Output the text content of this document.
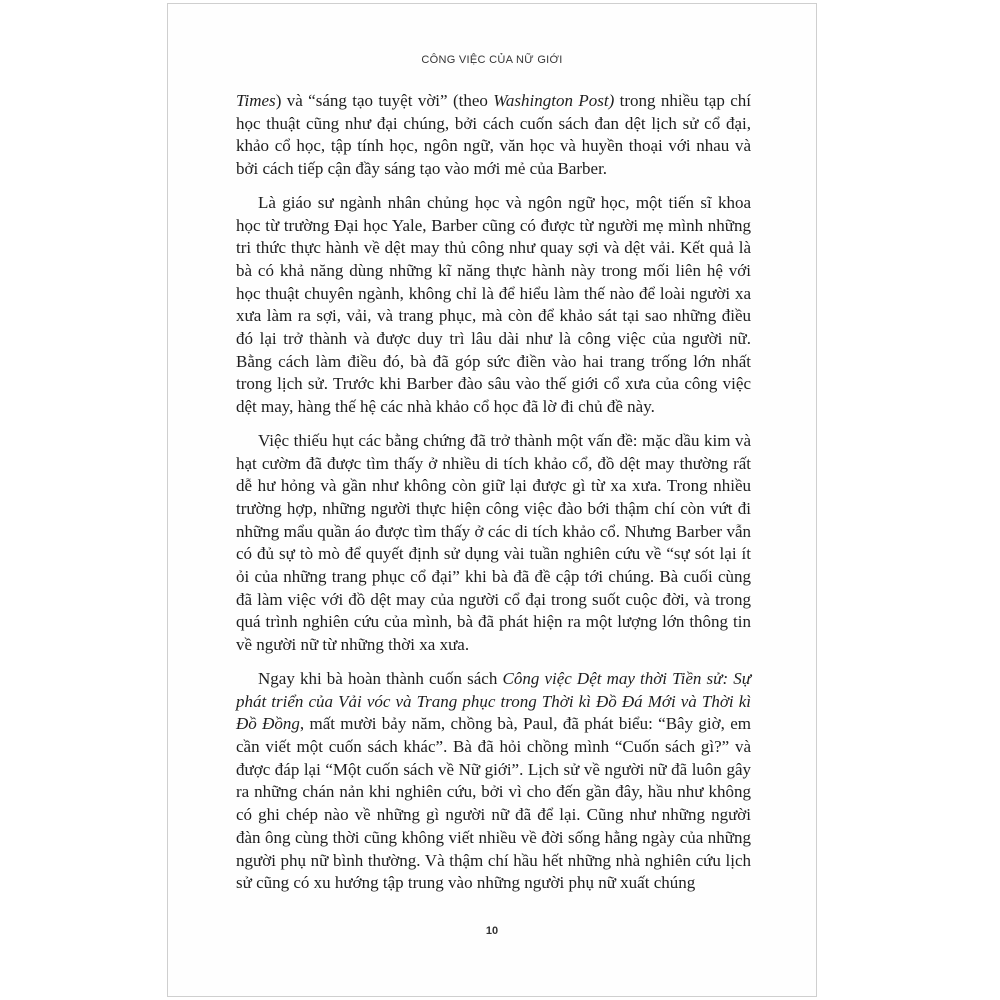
CÔNG VIỆC CỦA NỮ GIỚI

Times) và “sáng tạo tuyệt vời” (theo Washington Post) trong nhiều tạp chí học thuật cũng như đại chúng, bởi cách cuốn sách đan dệt lịch sử cổ đại, khảo cổ học, tập tính học, ngôn ngữ, văn học và huyền thoại với nhau và bởi cách tiếp cận đầy sáng tạo vào mới mẻ của Barber.

Là giáo sư ngành nhân chủng học và ngôn ngữ học, một tiến sĩ khoa học từ trường Đại học Yale, Barber cũng có được từ người mẹ mình những tri thức thực hành về dệt may thủ công như quay sợi và dệt vải. Kết quả là bà có khả năng dùng những kĩ năng thực hành này trong mối liên hệ với học thuật chuyên ngành, không chỉ là để hiểu làm thế nào để loài người xa xưa làm ra sợi, vải, và trang phục, mà còn để khảo sát tại sao những điều đó lại trở thành và được duy trì lâu dài như là công việc của người nữ. Bằng cách làm điều đó, bà đã góp sức điền vào hai trang trống lớn nhất trong lịch sử. Trước khi Barber đào sâu vào thế giới cổ xưa của công việc dệt may, hàng thế hệ các nhà khảo cổ học đã lờ đi chủ đề này.

Việc thiếu hụt các bằng chứng đã trở thành một vấn đề: mặc dầu kim và hạt cườm đã được tìm thấy ở nhiều di tích khảo cổ, đồ dệt may thường rất dễ hư hỏng và gần như không còn giữ lại được gì từ xa xưa. Trong nhiều trường hợp, những người thực hiện công việc đào bới thậm chí còn vứt đi những mẩu quần áo được tìm thấy ở các di tích khảo cổ. Nhưng Barber vẫn có đủ sự tò mò để quyết định sử dụng vài tuần nghiên cứu về “sự sót lại ít ỏi của những trang phục cổ đại” khi bà đã đề cập tới chúng. Bà cuối cùng đã làm việc với đồ dệt may của người cổ đại trong suốt cuộc đời, và trong quá trình nghiên cứu của mình, bà đã phát hiện ra một lượng lớn thông tin về người nữ từ những thời xa xưa.

Ngay khi bà hoàn thành cuốn sách Công việc Dệt may thời Tiền sử: Sự phát triển của Vải vóc và Trang phục trong Thời kì Đồ Đá Mới và Thời kì Đồ Đồng, mất mười bảy năm, chồng bà, Paul, đã phát biểu: “Bây giờ, em cần viết một cuốn sách khác”. Bà đã hỏi chồng mình “Cuốn sách gì?” và được đáp lại “Một cuốn sách về Nữ giới”. Lịch sử về người nữ đã luôn gây ra những chán nản khi nghiên cứu, bởi vì cho đến gần đây, hầu như không có ghi chép nào về những gì người nữ đã để lại. Cũng như những người đàn ông cùng thời cũng không viết nhiều về đời sống hằng ngày của những người phụ nữ bình thường. Và thậm chí hầu hết những nhà nghiên cứu lịch sử cũng có xu hướng tập trung vào những người phụ nữ xuất chúng

10
